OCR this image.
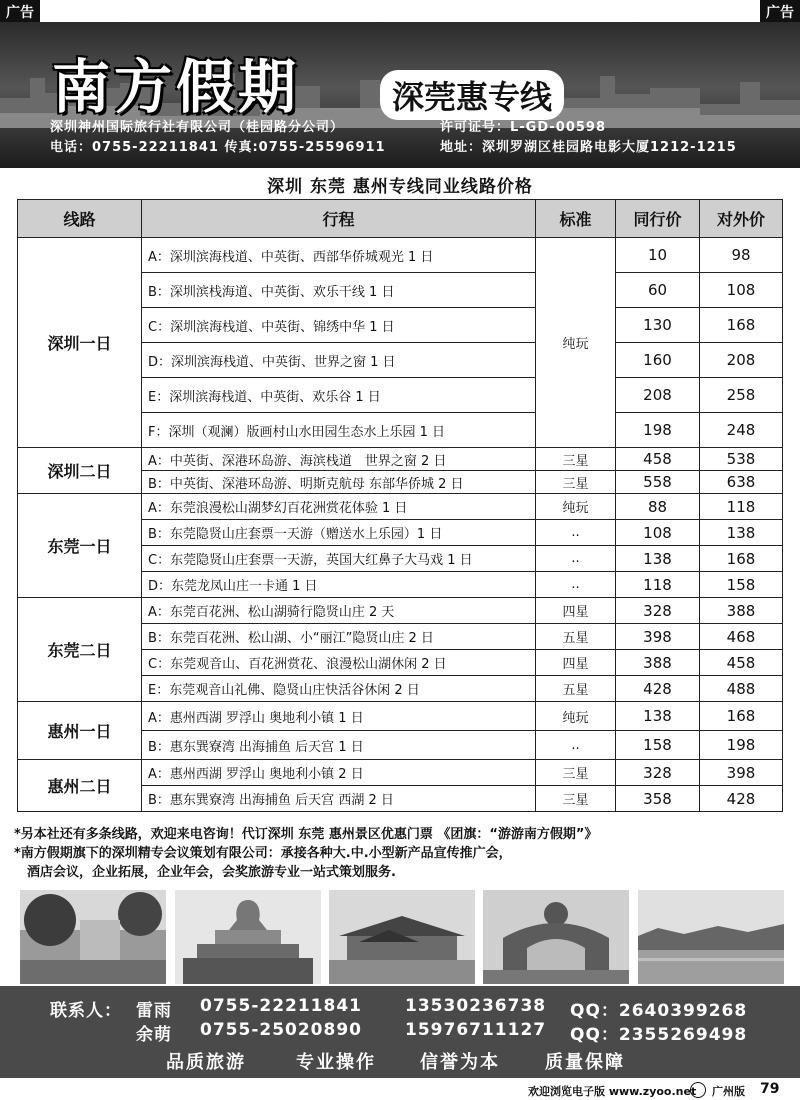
广告	广告
南方假期	深莞惠专线
深圳神州国际旅行社有限公司（桂园路分公司）	许可证号：L-GD-00598
电话：0755-22211841 传真:0755-25596911	地址：深圳罗湖区桂园路电影大厦1212-1215
深圳 东莞 惠州专线同业线路价格
线路	行程	标准	同行价	对外价
深圳一日	A：深圳滨海栈道、中英街、西部华侨城观光 1 日	纯玩	10	98
	B：深圳滨栈海道、中英街、欢乐干线 1 日		60	108
	C：深圳滨海栈道、中英街、锦绣中华 1 日		130	168
	D：深圳滨海栈道、中英街、世界之窗 1 日		160	208
	E：深圳滨海栈道、中英街、欢乐谷 1 日		208	258
	F：深圳（观澜）版画村山水田园生态水上乐园 1 日		198	248
深圳二日	A：中英街、深港环岛游、海滨栈道　世界之窗 2 日	三星	458	538
	B：中英街、深港环岛游、明斯克航母 东部华侨城 2 日	三星	558	638
东莞一日	A：东莞浪漫松山湖梦幻百花洲赏花体验 1 日	纯玩	88	118
	B：东莞隐贤山庄套票一天游（赠送水上乐园）1 日	..	108	138
	C：东莞隐贤山庄套票一天游，英国大红鼻子大马戏 1 日	..	138	168
	D：东莞龙凤山庄一卡通 1 日	..	118	158
东莞二日	A：东莞百花洲、松山湖骑行隐贤山庄 2 天	四星	328	388
	B：东莞百花洲、松山湖、小“丽江”隐贤山庄 2 日	五星	398	468
	C：东莞观音山、百花洲赏花、浪漫松山湖休闲 2 日	四星	388	458
	E：东莞观音山礼佛、隐贤山庄快活谷休闲 2 日	五星	428	488
惠州一日	A：惠州西湖 罗浮山 奥地利小镇 1 日	纯玩	138	168
	B：惠东巽寮湾 出海捕鱼 后天宫 1 日	..	158	198
惠州二日	A：惠州西湖 罗浮山 奥地利小镇 2 日	三星	328	398
	B：惠东巽寮湾 出海捕鱼 后天宫 西湖 2 日	三星	358	428

*另本社还有多条线路，欢迎来电咨询！代订深圳 东莞 惠州景区优惠门票 《团旗：“游游南方假期”》

*南方假期旗下的深圳精专会议策划有限公司：承接各种大.中.小型新产品宣传推广会，

　酒店会议，企业拓展，企业年会，会奖旅游专业一站式策划服务.

联系人： 雷雨 0755-22211841	13530236738 QQ：2640399268
余萌 0755-25020890	15976711127 QQ：2355269498
品质旅游	专业操作 信誉为本	质量保障
欢迎浏览电子版 www.zyoo.net 广州版 79
